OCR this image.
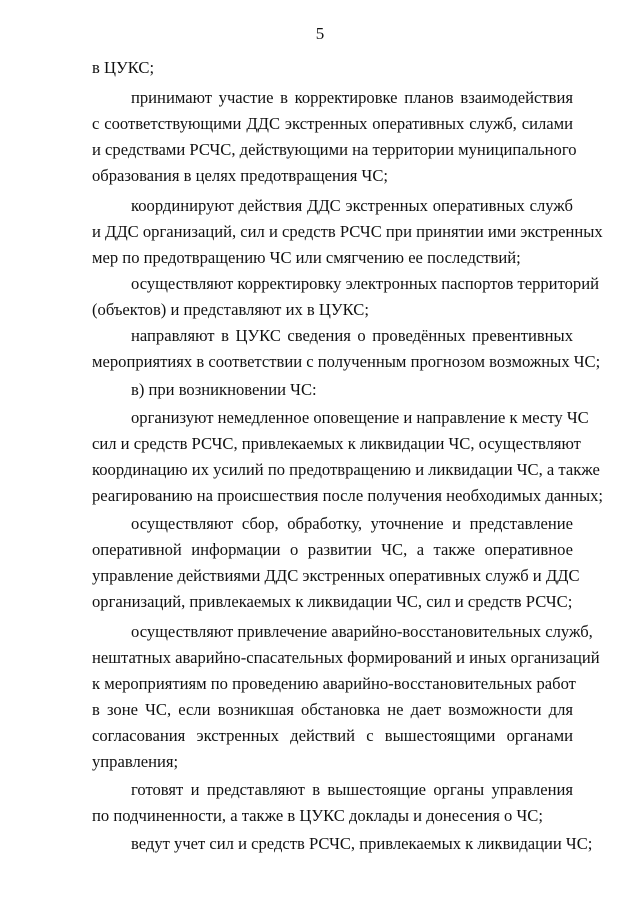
5
в ЦУКС;
принимают участие в корректировке планов взаимодействия
с соответствующими ДДС экстренных оперативных служб, силами
и средствами РСЧС, действующими на территории муниципального
образования в целях предотвращения ЧС;
координируют действия ДДС экстренных оперативных служб
и ДДС организаций, сил и средств РСЧС при принятии ими экстренных
мер по предотвращению ЧС или смягчению ее последствий;
осуществляют корректировку электронных паспортов территорий
(объектов) и представляют их в ЦУКС;
направляют в ЦУКС сведения о проведённых превентивных
мероприятиях в соответствии с полученным прогнозом возможных ЧС;
в) при возникновении ЧС:
организуют немедленное оповещение и направление к месту ЧС
сил и средств РСЧС, привлекаемых к ликвидации ЧС, осуществляют
координацию их усилий по предотвращению и ликвидации ЧС, а также
реагированию на происшествия после получения необходимых данных;
осуществляют сбор, обработку, уточнение и представление
оперативной информации о развитии ЧС, а также оперативное
управление действиями ДДС экстренных оперативных служб и ДДС
организаций, привлекаемых к ликвидации ЧС, сил и средств РСЧС;
осуществляют привлечение аварийно-восстановительных служб,
нештатных аварийно-спасательных формирований и иных организаций
к мероприятиям по проведению аварийно-восстановительных работ
в зоне ЧС, если возникшая обстановка не дает возможности для
согласования экстренных действий с вышестоящими органами
управления;
готовят и представляют в вышестоящие органы управления
по подчиненности, а также в ЦУКС доклады и донесения о ЧС;
ведут учет сил и средств РСЧС, привлекаемых к ликвидации ЧС;
